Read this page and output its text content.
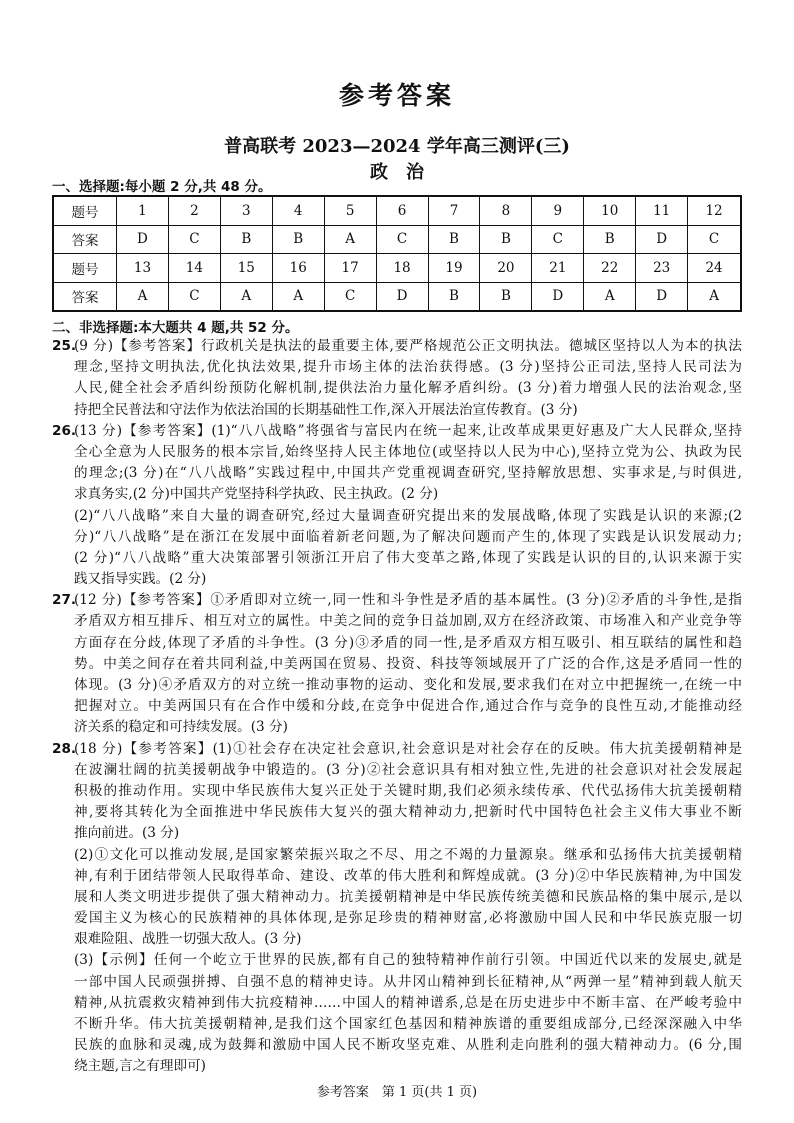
参考答案
普高联考 2023—2024 学年高三测评(三)
政　治
一、选择题:每小题 2 分,共 48 分。
题号	1	2	3	4	5	6	7	8	9	10	11	12
答案	D	C	B	B	A	C	B	B	C	B	D	C
题号	13	14	15	16	17	18	19	20	21	22	23	24
答案	A	C	A	A	C	D	B	B	D	A	D	A
二、非选择题:本大题共 4 题,共 52 分。
25.(9 分)【参考答案】行政机关是执法的最重要主体,要严格规范公正文明执法。德城区坚持以人为本的执法
理念,坚持文明执法,优化执法效果,提升市场主体的法治获得感。(3 分)坚持公正司法,坚持人民司法为
人民,健全社会矛盾纠纷预防化解机制,提供法治力量化解矛盾纠纷。(3 分)着力增强人民的法治观念,坚
持把全民普法和守法作为依法治国的长期基础性工作,深入开展法治宣传教育。(3 分)
26.(13 分)【参考答案】(1)“八八战略”将强省与富民内在统一起来,让改革成果更好惠及广大人民群众,坚持
全心全意为人民服务的根本宗旨,始终坚持人民主体地位(或坚持以人民为中心),坚持立党为公、执政为民
的理念;(3 分)在“八八战略”实践过程中,中国共产党重视调查研究,坚持解放思想、实事求是,与时俱进,
求真务实,(2 分)中国共产党坚持科学执政、民主执政。(2 分)
(2)“八八战略”来自大量的调查研究,经过大量调查研究提出来的发展战略,体现了实践是认识的来源;(2
分)“八八战略”是在浙江在发展中面临着新老问题,为了解决问题而产生的,体现了实践是认识发展动力;
(2 分)“八八战略”重大决策部署引领浙江开启了伟大变革之路,体现了实践是认识的目的,认识来源于实
践又指导实践。(2 分)
27.(12 分)【参考答案】①矛盾即对立统一,同一性和斗争性是矛盾的基本属性。(3 分)②矛盾的斗争性,是指
矛盾双方相互排斥、相互对立的属性。中美之间的竞争日益加剧,双方在经济政策、市场准入和产业竞争等
方面存在分歧,体现了矛盾的斗争性。(3 分)③矛盾的同一性,是矛盾双方相互吸引、相互联结的属性和趋
势。中美之间存在着共同利益,中美两国在贸易、投资、科技等领域展开了广泛的合作,这是矛盾同一性的
体现。(3 分)④矛盾双方的对立统一推动事物的运动、变化和发展,要求我们在对立中把握统一,在统一中
把握对立。中美两国只有在合作中缓和分歧,在竞争中促进合作,通过合作与竞争的良性互动,才能推动经
济关系的稳定和可持续发展。(3 分)
28.(18 分)【参考答案】(1)①社会存在决定社会意识,社会意识是对社会存在的反映。伟大抗美援朝精神是
在波澜壮阔的抗美援朝战争中锻造的。(3 分)②社会意识具有相对独立性,先进的社会意识对社会发展起
积极的推动作用。实现中华民族伟大复兴正处于关键时期,我们必须永续传承、代代弘扬伟大抗美援朝精
神,要将其转化为全面推进中华民族伟大复兴的强大精神动力,把新时代中国特色社会主义伟大事业不断
推向前进。(3 分)
(2)①文化可以推动发展,是国家繁荣振兴取之不尽、用之不竭的力量源泉。继承和弘扬伟大抗美援朝精
神,有利于团结带领人民取得革命、建设、改革的伟大胜利和辉煌成就。(3 分)②中华民族精神,为中国发
展和人类文明进步提供了强大精神动力。抗美援朝精神是中华民族传统美德和民族品格的集中展示,是以
爱国主义为核心的民族精神的具体体现,是弥足珍贵的精神财富,必将激励中国人民和中华民族克服一切
艰难险阻、战胜一切强大敌人。(3 分)
(3)【示例】任何一个屹立于世界的民族,都有自己的独特精神作前行引领。中国近代以来的发展史,就是
一部中国人民顽强拼搏、自强不息的精神史诗。从井冈山精神到长征精神,从“两弹一星”精神到载人航天
精神,从抗震救灾精神到伟大抗疫精神……中国人的精神谱系,总是在历史进步中不断丰富、在严峻考验中
不断升华。伟大抗美援朝精神,是我们这个国家红色基因和精神族谱的重要组成部分,已经深深融入中华
民族的血脉和灵魂,成为鼓舞和激励中国人民不断攻坚克难、从胜利走向胜利的强大精神动力。(6 分,围
绕主题,言之有理即可)
参考答案　第 1 页(共 1 页)
